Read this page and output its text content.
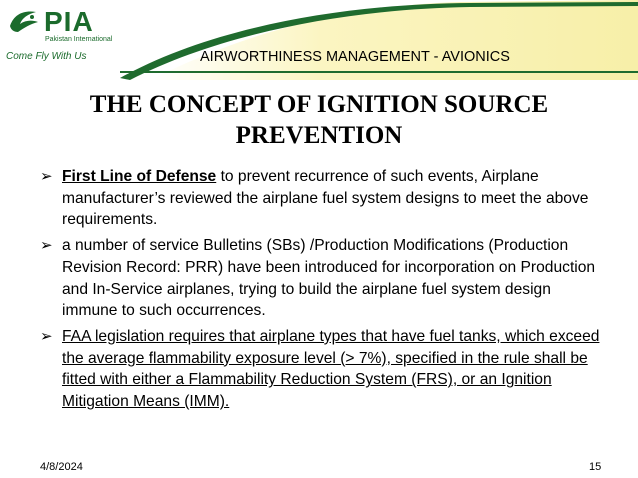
PIA
Pakistan International
Come Fly With Us	AIRWORTHINESS MANAGEMENT - AVIONICS
THE CONCEPT OF IGNITION SOURCE PREVENTION
➢ First Line of Defense to prevent recurrence of such events, Airplane manufacturer’s reviewed the airplane fuel system designs to meet the above requirements.
➢ a number of service Bulletins (SBs) /Production Modifications (Production Revision Record: PRR) have been introduced for incorporation on Production and In-Service airplanes, trying to build the airplane fuel system design immune to such occurrences.
➢ FAA legislation requires that airplane types that have fuel tanks, which exceed the average flammability exposure level (> 7%), specified in the rule shall be fitted with either a Flammability Reduction System (FRS), or an Ignition Mitigation Means (IMM).
4/8/2024	15
